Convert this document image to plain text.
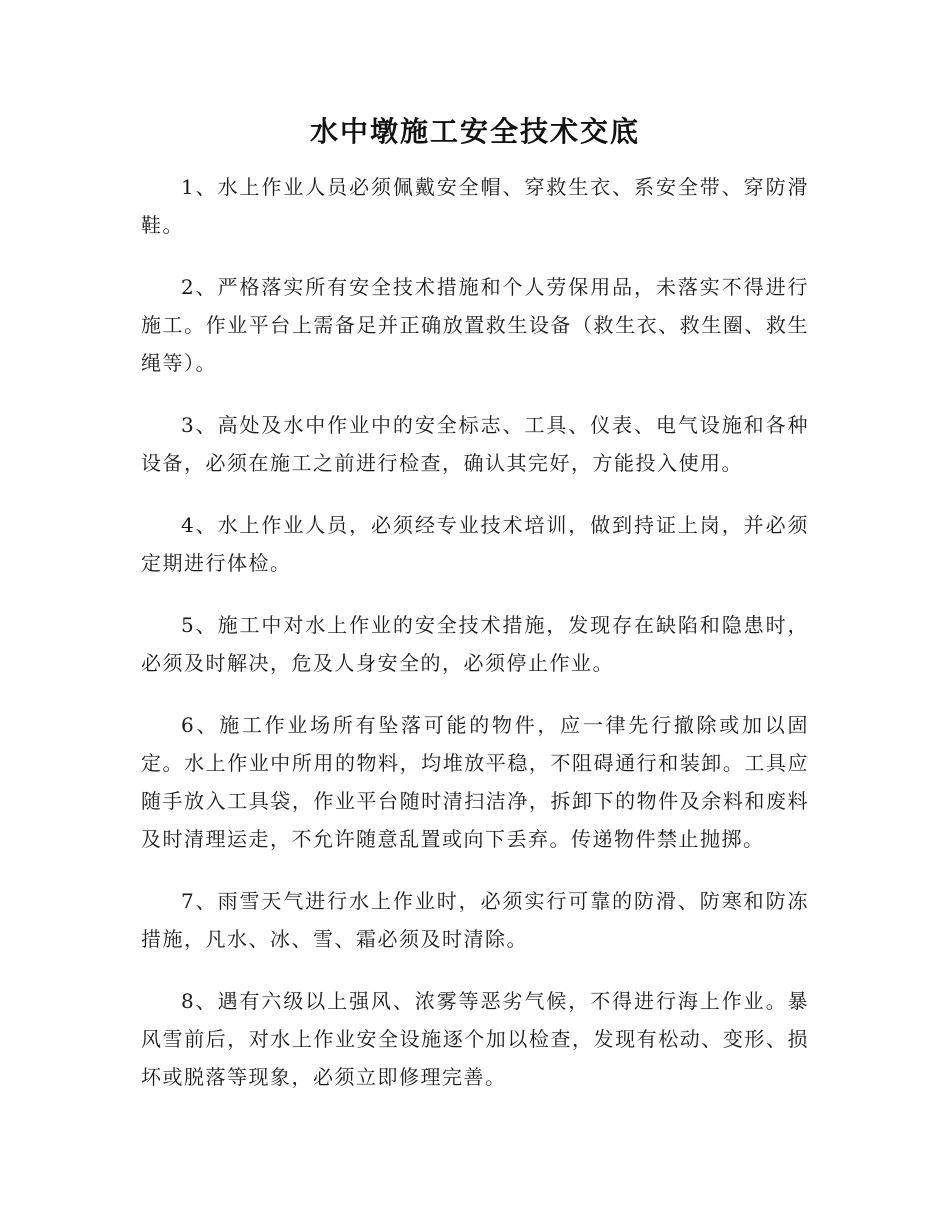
水中墩施工安全技术交底

1、水上作业人员必须佩戴安全帽、穿救生衣、系安全带、穿防滑鞋。

2、严格落实所有安全技术措施和个人劳保用品，未落实不得进行施工。作业平台上需备足并正确放置救生设备（救生衣、救生圈、救生绳等）。

3、高处及水中作业中的安全标志、工具、仪表、电气设施和各种设备，必须在施工之前进行检查，确认其完好，方能投入使用。

4、水上作业人员，必须经专业技术培训，做到持证上岗，并必须定期进行体检。

5、施工中对水上作业的安全技术措施，发现存在缺陷和隐患时，必须及时解决，危及人身安全的，必须停止作业。

6、施工作业场所有坠落可能的物件，应一律先行撤除或加以固定。水上作业中所用的物料，均堆放平稳，不阻碍通行和装卸。工具应随手放入工具袋，作业平台随时清扫洁净，拆卸下的物件及余料和废料及时清理运走，不允许随意乱置或向下丢弃。传递物件禁止抛掷。

7、雨雪天气进行水上作业时，必须实行可靠的防滑、防寒和防冻措施，凡水、冰、雪、霜必须及时清除。

8、遇有六级以上强风、浓雾等恶劣气候，不得进行海上作业。暴风雪前后，对水上作业安全设施逐个加以检查，发现有松动、变形、损坏或脱落等现象，必须立即修理完善。
